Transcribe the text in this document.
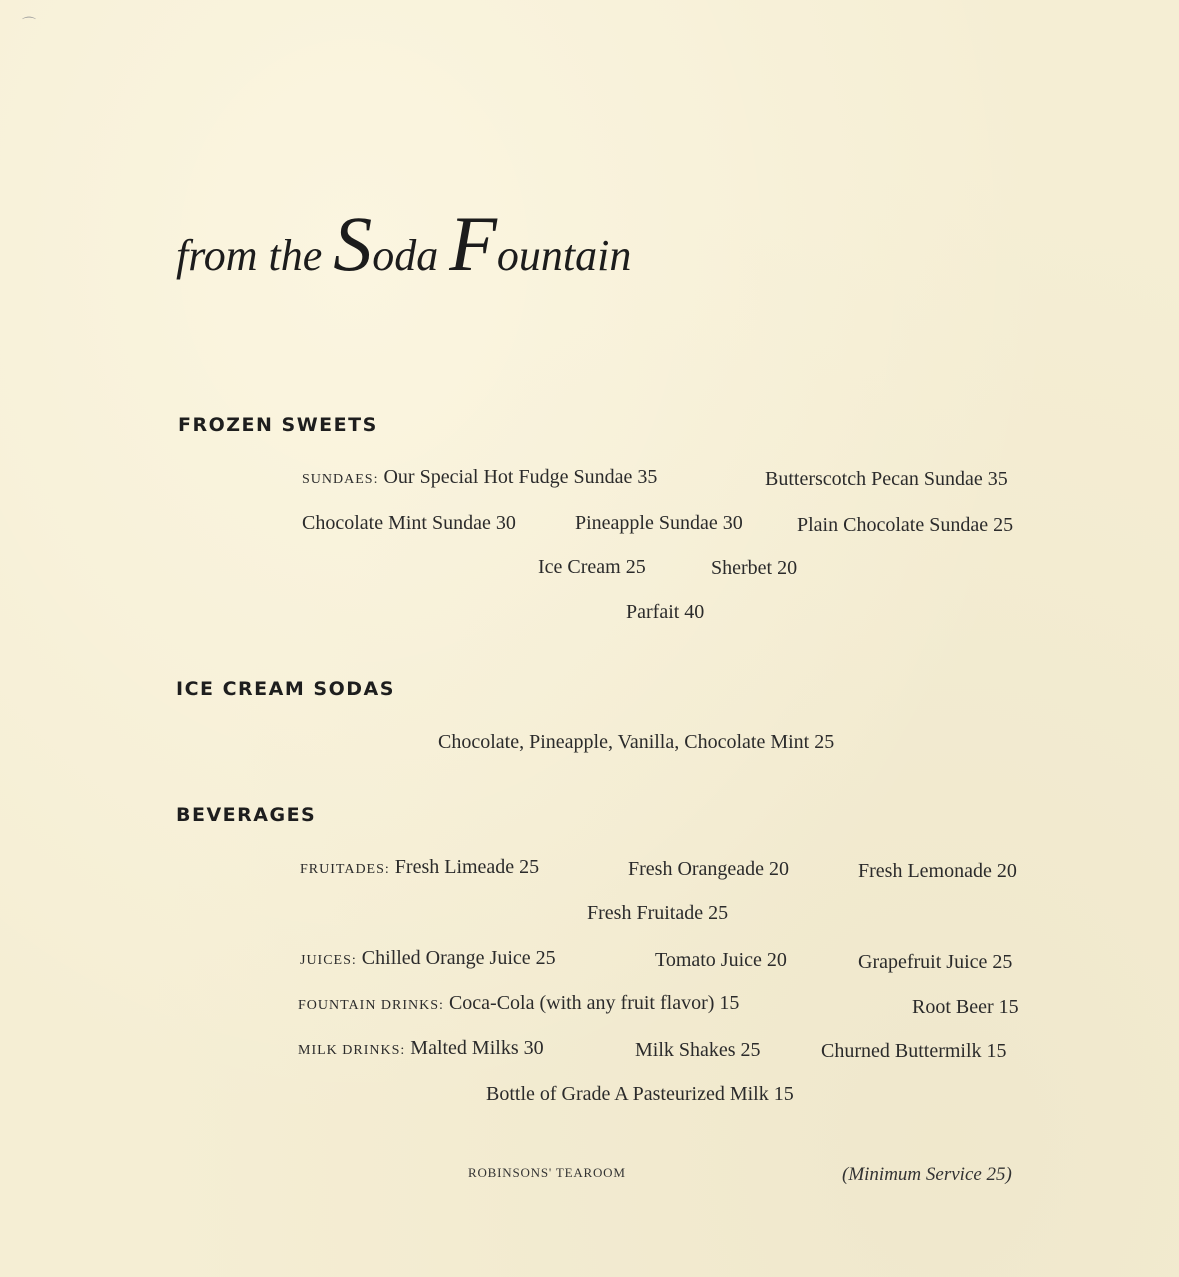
⌒
from the Soda Fountain
FROZEN SWEETS
SUNDAES: Our Special Hot Fudge Sundae 35	Butterscotch Pecan Sundae 35
Chocolate Mint Sundae 30	Pineapple Sundae 30	Plain Chocolate Sundae 25
Ice Cream 25	Sherbet 20
Parfait 40
ICE CREAM SODAS
Chocolate, Pineapple, Vanilla, Chocolate Mint 25
BEVERAGES
FRUITADES: Fresh Limeade 25	Fresh Orangeade 20	Fresh Lemonade 20
Fresh Fruitade 25
JUICES: Chilled Orange Juice 25	Tomato Juice 20	Grapefruit Juice 25
FOUNTAIN DRINKS: Coca-Cola (with any fruit flavor) 15	Root Beer 15
MILK DRINKS: Malted Milks 30	Milk Shakes 25	Churned Buttermilk 15
Bottle of Grade A Pasteurized Milk 15
ROBINSONS' TEAROOM	(Minimum Service 25)
